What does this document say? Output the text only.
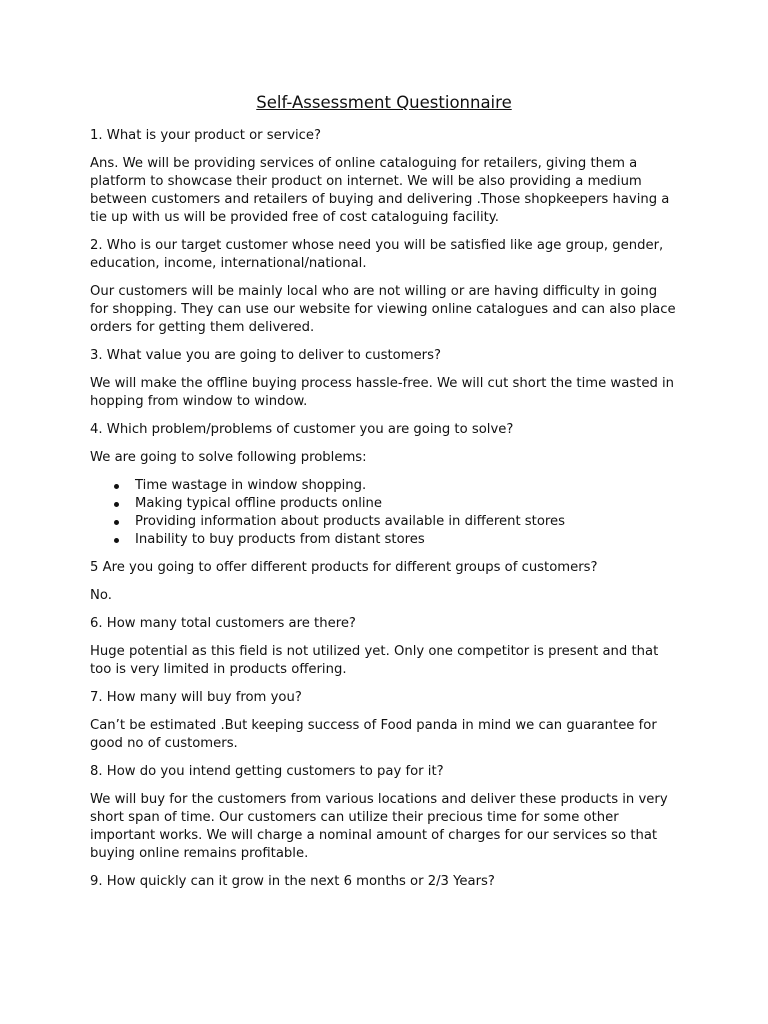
Self-Assessment Questionnaire

1. What is your product or service?

Ans. We will be providing services of online cataloguing for retailers, giving them a platform to showcase their product on internet. We will be also providing a medium between customers and retailers of buying and delivering .Those shopkeepers having a tie up with us will be provided free of cost cataloguing facility.

2. Who is our target customer whose need you will be satisfied like age group, gender, education, income, international/national.

Our customers will be mainly local who are not willing or are having difficulty in going for shopping. They can use our website for viewing online catalogues and can also place orders for getting them delivered.

3. What value you are going to deliver to customers?

We will make the offline buying process hassle-free. We will cut short the time wasted in hopping from window to window.

4. Which problem/problems of customer you are going to solve?

We are going to solve following problems:

Time wastage in window shopping.
Making typical offline products online
Providing information about products available in different stores
Inability to buy products from distant stores

5 Are you going to offer different products for different groups of customers?

No.

6. How many total customers are there?

Huge potential as this field is not utilized yet. Only one competitor is present and that too is very limited in products offering.

7. How many will buy from you?

Can’t be estimated .But keeping success of Food panda in mind we can guarantee for good no of customers.

8. How do you intend getting customers to pay for it?

We will buy for the customers from various locations and deliver these products in very short span of time. Our customers can utilize their precious time for some other important works. We will charge a nominal amount of charges for our services so that buying online remains profitable.

9. How quickly can it grow in the next 6 months or 2/3 Years?
